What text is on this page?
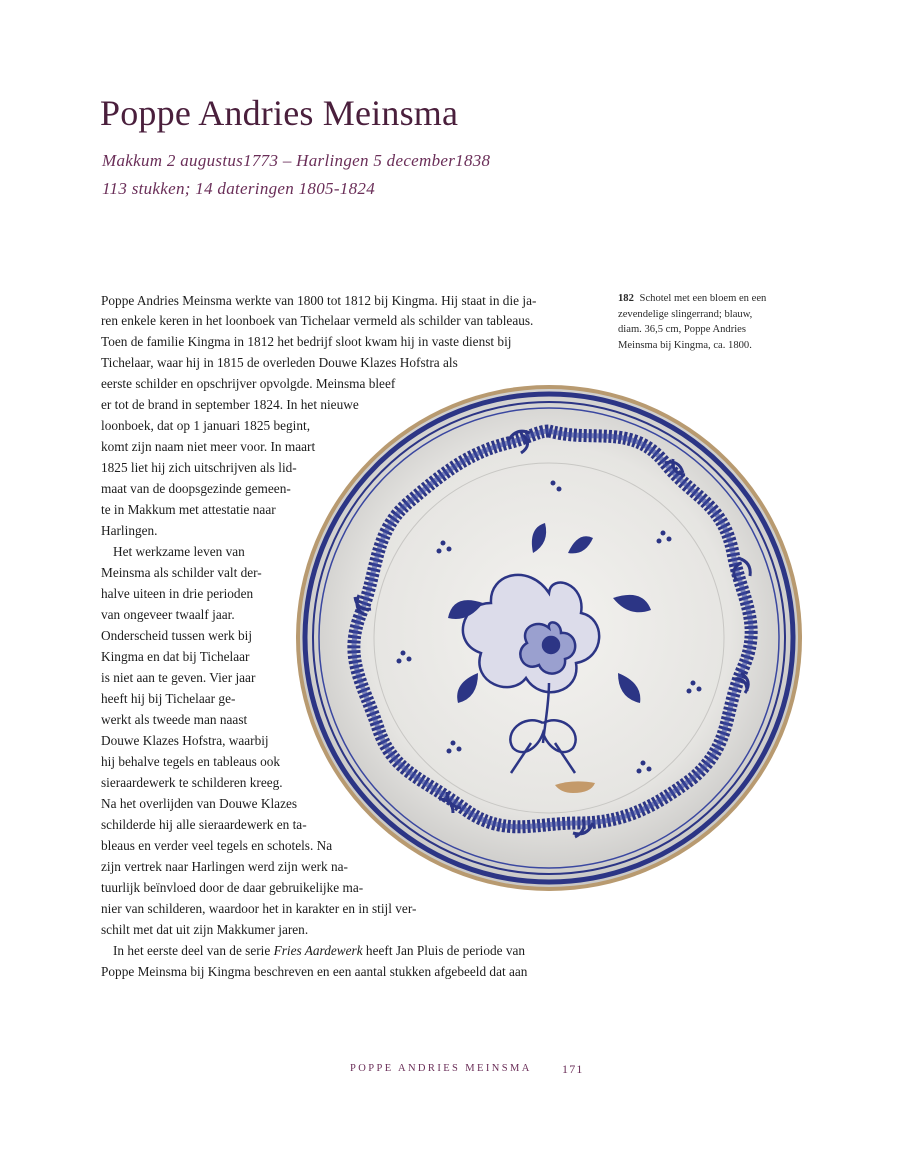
Poppe Andries Meinsma
Makkum 2 augustus1773 – Harlingen 5 december1838
113 stukken; 14 dateringen 1805-1824
Poppe Andries Meinsma werkte van 1800 tot 1812 bij Kingma. Hij staat in die ja-
ren enkele keren in het loonboek van Tichelaar vermeld als schilder van tableaus.
Toen de familie Kingma in 1812 het bedrijf sloot kwam hij in vaste dienst bij
Tichelaar, waar hij in 1815 de overleden Douwe Klazes Hofstra als
eerste schilder en opschrijver opvolgde. Meinsma bleef
er tot de brand in september 1824. In het nieuwe
loonboek, dat op 1 januari 1825 begint,
komt zijn naam niet meer voor. In maart
1825 liet hij zich uitschrijven als lid-
maat van de doopsgezinde gemeen-
te in Makkum met attestatie naar
Harlingen.
Het werkzame leven van
Meinsma als schilder valt der-
halve uiteen in drie perioden
van ongeveer twaalf jaar.
Onderscheid tussen werk bij
Kingma en dat bij Tichelaar
is niet aan te geven. Vier jaar
heeft hij bij Tichelaar ge-
werkt als tweede man naast
Douwe Klazes Hofstra, waarbij
hij behalve tegels en tableaus ook
sieraardewerk te schilderen kreeg.
Na het overlijden van Douwe Klazes
schilderde hij alle sieraardewerk en ta-
bleaus en verder veel tegels en schotels. Na
zijn vertrek naar Harlingen werd zijn werk na-
tuurlijk beïnvloed door de daar gebruikelijke ma-
nier van schilderen, waardoor het in karakter en in stijl ver-
schilt met dat uit zijn Makkumer jaren.
In het eerste deel van de serie Fries Aardewerk heeft Jan Pluis de periode van
Poppe Meinsma bij Kingma beschreven en een aantal stukken afgebeeld dat aan
182 Schotel met een bloem en een
zevendelige slingerrand; blauw,
diam. 36,5 cm, Poppe Andries
Meinsma bij Kingma, ca. 1800.
POPPE ANDRIES MEINSMA	171
